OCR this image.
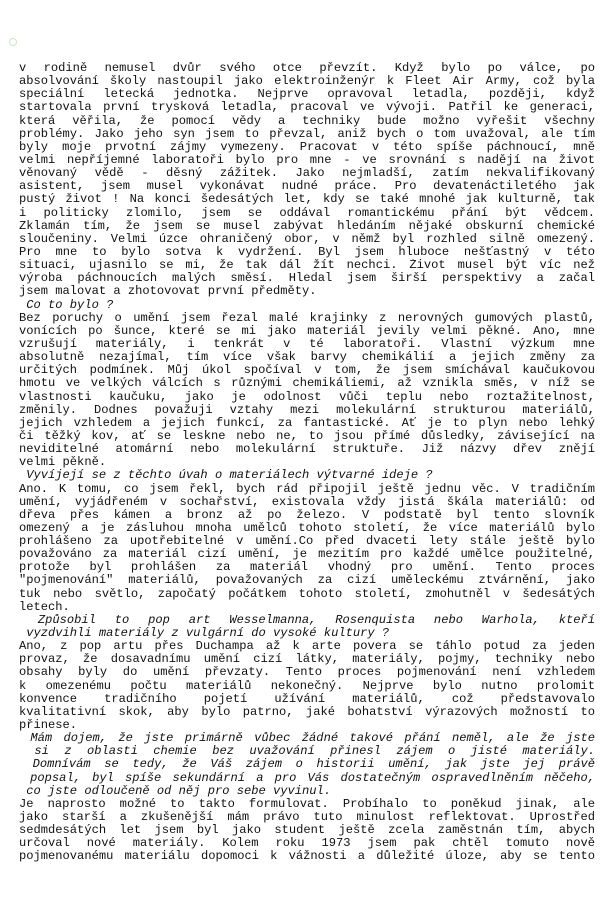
v rodině nemusel dvůr svého otce převzít. Když bylo po válce, po
absolvování školy nastoupil jako elektroinženýr k Fleet Air Army, což byla
speciální letecká jednotka. Nejprve opravoval letadla, později, když
startovala první trysková letadla, pracoval ve vývoji. Patřil ke generaci,
která věřila, že pomocí vědy a techniky bude možno vyřešit všechny
problémy. Jako jeho syn jsem to převzal, aniž bych o tom uvažoval, ale tím
byly moje prvotní zájmy vymezeny. Pracovat v této spíše páchnoucí, mně
velmi nepříjemné laboratoři bylo pro mne - ve srovnání s nadějí na život
věnovaný vědě - děsný zážitek. Jako nejmladší, zatím nekvalifikovaný
asistent, jsem musel vykonávat nudné práce. Pro devatenáctiletého jak
pustý život ! Na konci šedesátých let, kdy se také mnohé jak kulturně, tak
i politicky zlomilo, jsem se oddával romantickému přání být vědcem.
Zklamán tím, že jsem se musel zabývat hledáním nějaké obskurní chemické
sloučeniny. Velmi úzce ohraničený obor, v němž byl rozhled silně omezený.
Pro mne to bylo sotva k vydržení. Byl jsem hluboce nešťastný v této
situaci, ujasnilo se mi, že tak dál žít nechci. Život musel být víc než
výroba páchnoucích malých směsí. Hledal jsem širší perspektivy a začal
jsem malovat a zhotovovat první předměty.
Co to bylo ?
Bez poruchy o umění jsem řezal malé krajinky z nerovných gumových plastů,
vonících po šunce, které se mi jako materiál jevily velmi pěkné. Ano, mne
vzrušují materiály, i tenkrát v té laboratoři. Vlastní výzkum mne
absolutně nezajímal, tím více však barvy chemikálií a jejich změny za
určitých podmínek. Můj úkol spočíval v tom, že jsem smíchával kaučukovou
hmotu ve velkých válcích s různými chemikáliemi, až vznikla směs, v níž se
vlastnosti kaučuku, jako je odolnost vůči teplu nebo roztažitelnost,
změnily. Dodnes považuji vztahy mezi molekulární strukturou materiálů,
jejich vzhledem a jejich funkcí, za fantastické. Ať je to plyn nebo lehký
či těžký kov, ať se leskne nebo ne, to jsou přímé důsledky, závisející na
neviditelné atomární nebo molekulární struktuře. Již názvy dřev znějí
velmi pěkně.
Vyvíjejí se z těchto úvah o materiálech výtvarné ideje ?
Ano. K tomu, co jsem řekl, bych rád připojil ještě jednu věc. V tradičním
umění, vyjádřeném v sochařství, existovala vždy jistá škála materiálů: od
dřeva přes kámen a bronz až po železo. V podstatě byl tento slovník
omezený a je zásluhou mnoha umělců tohoto století, že více materiálů bylo
prohlášeno za upotřebitelné v umění.Co před dvaceti lety stále ještě bylo
považováno za materiál cizí umění, je mezitím pro každé umělce použitelné,
protože byl prohlášen za materiál vhodný pro umění. Tento proces
"pojmenování" materiálů, považovaných za cizí uměleckému ztvárnění, jako
tuk nebo světlo, započatý počátkem tohoto století, zmohutněl v šedesátých
letech.
Způsobil to pop art Wesselmanna, Rosenquista nebo Warhola, kteří
vyzdvihli materiály z vulgární do vysoké kultury ?
Ano, z pop artu přes Duchampa až k arte povera se táhlo potud za jeden
provaz, že dosavadnímu umění cizí látky, materiály, pojmy, techniky nebo
obsahy byly do umění převzaty. Tento proces pojmenování není vzhledem
k omezenému počtu materiálů nekonečný. Nejprve bylo nutno prolomit
konvence tradičního pojetí užívání materiálů, což představovalo
kvalitativní skok, aby bylo patrno, jaké bohatství výrazových možností to
přinese.
Mám dojem, že jste primárně vůbec žádné takové přání neměl, ale že jste
si z oblasti chemie bez uvažování přinesl zájem o jisté materiály.
Domnívám se tedy, že Váš zájem o historii umění, jak jste jej právě
popsal, byl spíše sekundární a pro Vás dostatečným ospravedlněním něčeho,
co jste odloučeně od něj pro sebe vyvinul.
Je naprosto možné to takto formulovat. Probíhalo to poněkud jinak, ale
jako starší a zkušenější mám právo tuto minulost reflektovat. Uprostřed
sedmdesátých let jsem byl jako student ještě zcela zaměstnán tím, abych
určoval nové materiály. Kolem roku 1973 jsem pak chtěl tomuto nově
pojmenovanému materiálu dopomoci k vážnosti a důležité úloze, aby se tento
